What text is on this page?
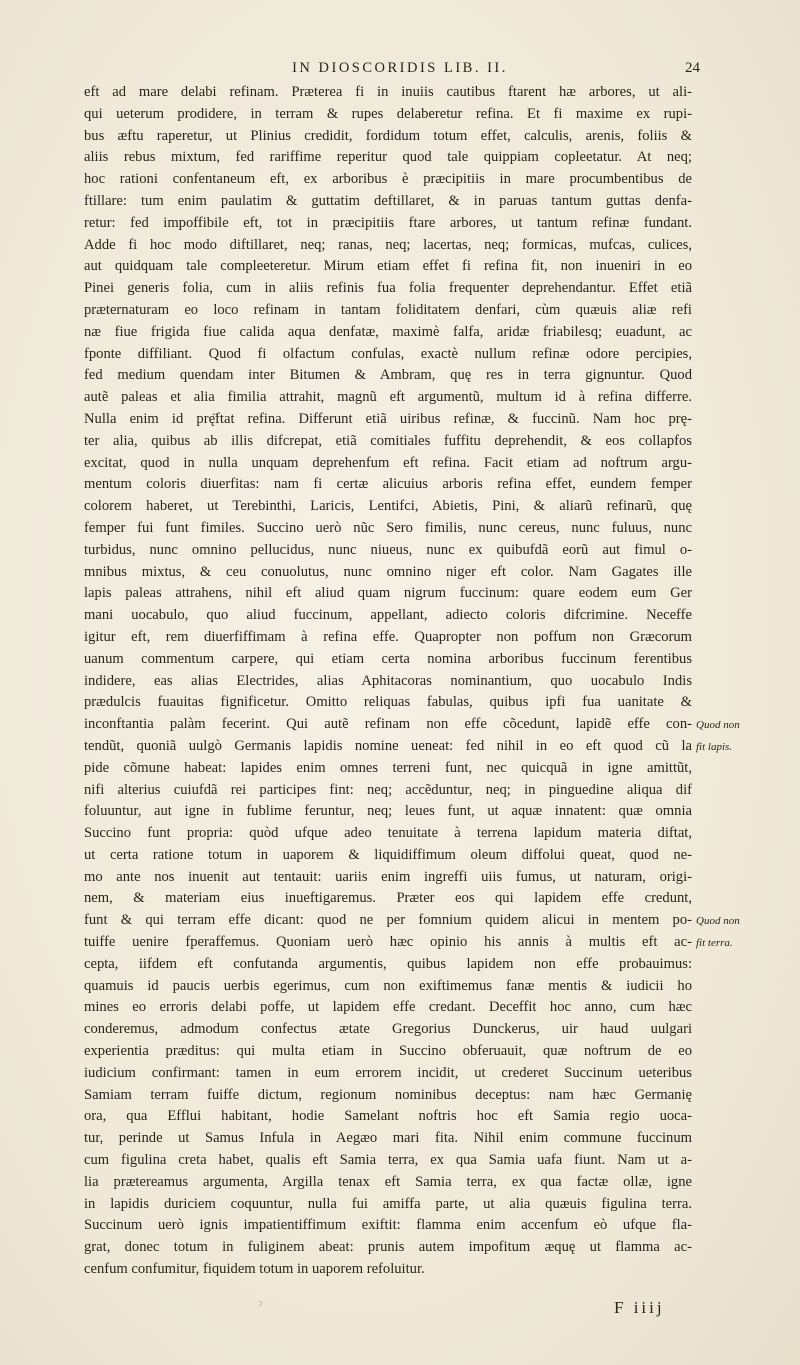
IN DIOSCORIDIS LIB. II.	24
eft ad mare delabi refinam. Præterea fi in inuiis cautibus ftarent hæ arbores, ut ali-
qui ueterum prodidere, in terram & rupes delaberetur refina. Et fi maxime ex rupi-
bus æftu raperetur, ut Plinius credidit, fordidum totum effet, calculis, arenis, foliis &
aliis rebus mixtum, fed rariffime reperitur quod tale quippiam copleetatur. At neq;
hoc rationi confentaneum eft, ex arboribus è præcipitiis in mare procumbentibus de
ftillare: tum enim paulatim & guttatim deftillaret, & in paruas tantum guttas denfa-
retur: fed impoffibile eft, tot in præcipitiis ftare arbores, ut tantum refinæ fundant.
Adde fi hoc modo diftillaret, neq; ranas, neq; lacertas, neq; formicas, mufcas, culices,
aut quidquam tale compleeteretur. Mirum etiam effet fi refina fit, non inueniri in eo
Pinei generis folia, cum in aliis refinis fua folia frequenter deprehendantur. Effet etiã
præternaturam eo loco refinam in tantam foliditatem denfari, cùm quæuis aliæ refi
næ fiue frigida fiue calida aqua denfatæ, maximè falfa, aridæ friabilesq; euadunt, ac
fponte diffiliant. Quod fi olfactum confulas, exactè nullum refinæ odore percipies,
fed medium quendam inter Bitumen & Ambram, quę res in terra gignuntur. Quod
autẽ paleas et alia fimilia attrahit, magnũ eft argumentũ, multum id à refina differre.
Nulla enim id prę̈ftat refina. Differunt etiã uiribus refinæ, & fuccinũ. Nam hoc prę-
ter alia, quibus ab illis difcrepat, etiã comitiales fuffitu deprehendit, & eos collapfos
excitat, quod in nulla unquam deprehenfum eft refina. Facit etiam ad noftrum argu-
mentum coloris diuerfitas: nam fi certæ alicuius arboris refina effet, eundem femper
colorem haberet, ut Terebinthi, Laricis, Lentifci, Abietis, Pini, & aliarũ refinarũ, quę
femper fui funt fimiles. Succino uerò nũc Sero fimilis, nunc cereus, nunc fuluus, nunc
turbidus, nunc omnino pellucidus, nunc niueus, nunc ex quibufdã eorũ aut fimul o-
mnibus mixtus, & ceu conuolutus, nunc omnino niger eft color. Nam Gagates ille
lapis paleas attrahens, nihil eft aliud quam nigrum fuccinum: quare eodem eum Ger
mani uocabulo, quo aliud fuccinum, appellant, adiecto coloris difcrimine. Neceffe
igitur eft, rem diuerfiffimam à refina effe. Quapropter non poffum non Græcorum
uanum commentum carpere, qui etiam certa nomina arboribus fuccinum ferentibus
indidere, eas alias Electrides, alias Aphitacoras nominantium, quo uocabulo Indis
prædulcis fuauitas fignificetur. Omitto reliquas fabulas, quibus ipfi fua uanitate &
inconftantia palàm fecerint. Qui autẽ refinam non effe cõcedunt, lapidẽ effe con-
tendũt, quoniã uulgò Germanis lapidis nomine ueneat: fed nihil in eo eft quod cũ la
pide cõmune habeat: lapides enim omnes terreni funt, nec quicquã in igne amittũt,
nifi alterius cuiufdã rei participes fint: neq; accẽduntur, neq; in pinguedine aliqua dif
foluuntur, aut igne in fublime feruntur, neq; leues funt, ut aquæ innatent: quæ omnia
Succino funt propria: quòd ufque adeo tenuitate à terrena lapidum materia diftat,
ut certa ratione totum in uaporem & liquidiffimum oleum diffolui queat, quod ne-
mo ante nos inuenit aut tentauit: uariis enim ingreffi uiis fumus, ut naturam, origi-
nem, & materiam eius inueftigaremus. Præter eos qui lapidem effe credunt,
funt & qui terram effe dicant: quod ne per fomnium quidem alicui in mentem po-
tuiffe uenire fperaffemus. Quoniam uerò hæc opinio his annis à multis eft ac-
cepta, iifdem eft confutanda argumentis, quibus lapidem non effe probauimus:
quamuis id paucis uerbis egerimus, cum non exiftimemus fanæ mentis & iudicii ho
mines eo erroris delabi poffe, ut lapidem effe credant. Deceffit hoc anno, cum hæc
conderemus, admodum confectus ætate Gregorius Dunckerus, uir haud uulgari
experientia præditus: qui multa etiam in Succino obferuauit, quæ noftrum de eo
iudicium confirmant: tamen in eum errorem incidit, ut crederet Succinum ueteribus
Samiam terram fuiffe dictum, regionum nominibus deceptus: nam hæc Germanię
ora, qua Efflui habitant, hodie Samelant noftris hoc eft Samia regio uoca-
tur, perinde ut Samus Infula in Aegæo mari fita. Nihil enim commune fuccinum
cum figulina creta habet, qualis eft Samia terra, ex qua Samia uafa fiunt. Nam ut a-
lia prætereamus argumenta, Argilla tenax eft Samia terra, ex qua factæ ollæ, igne
in lapidis duriciem coquuntur, nulla fui amiffa parte, ut alia quæuis figulina terra.
Succinum uerò ignis impatientiffimum exiftit: flamma enim accenfum eò ufque fla-
grat, donec totum in fuliginem abeat: prunis autem impofitum æquę ut flamma ac-
cenfum confumitur, fiquidem totum in uaporem refoluitur.
Quod non
fit lapis.
Quod non
fit terra.
ↄ	F iiij
